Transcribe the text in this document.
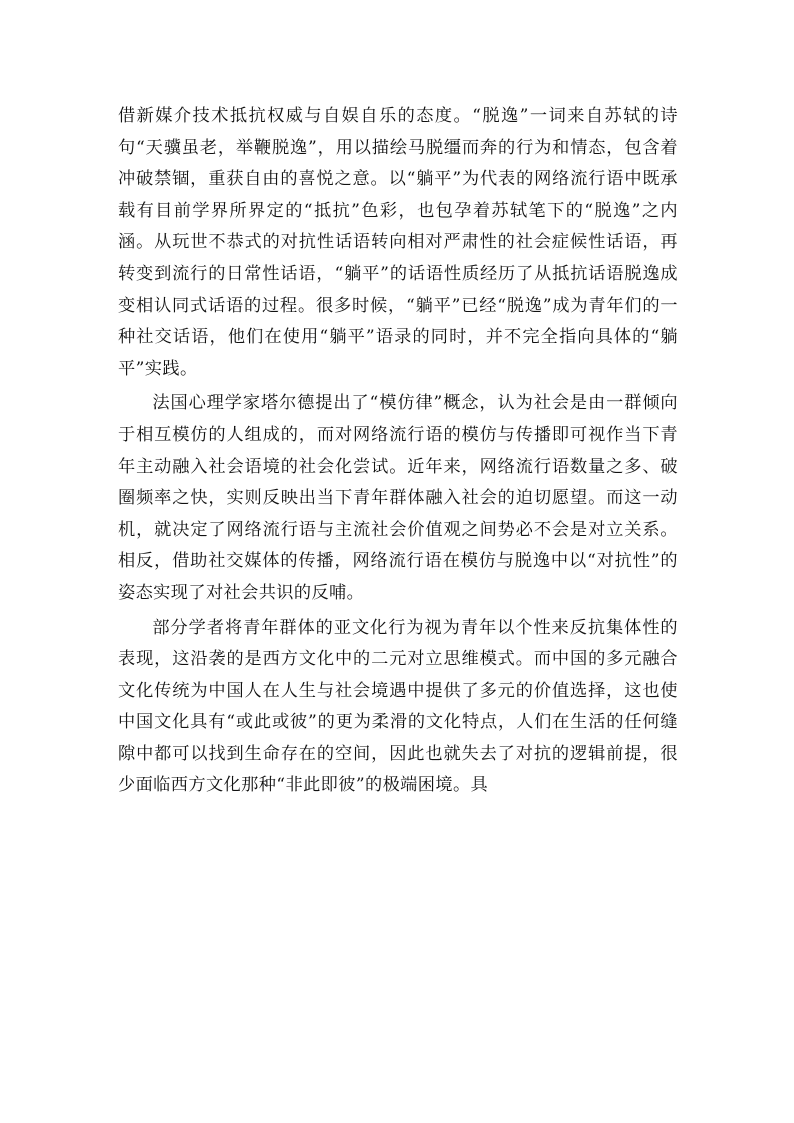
借新媒介技术抵抗权威与自娱自乐的态度。“脱逸”一词来自苏轼的诗句“天骥虽老，举鞭脱逸”，用以描绘马脱缰而奔的行为和情态，包含着冲破禁锢，重获自由的喜悦之意。以“躺平”为代表的网络流行语中既承载有目前学界所界定的“抵抗”色彩，也包孕着苏轼笔下的“脱逸”之内涵。从玩世不恭式的对抗性话语转向相对严肃性的社会症候性话语，再转变到流行的日常性话语，“躺平”的话语性质经历了从抵抗话语脱逸成变相认同式话语的过程。很多时候，“躺平”已经“脱逸”成为青年们的一种社交话语，他们在使用“躺平”语录的同时，并不完全指向具体的“躺平”实践。

法国心理学家塔尔德提出了“模仿律”概念，认为社会是由一群倾向于相互模仿的人组成的，而对网络流行语的模仿与传播即可视作当下青年主动融入社会语境的社会化尝试。近年来，网络流行语数量之多、破圈频率之快，实则反映出当下青年群体融入社会的迫切愿望。而这一动机，就决定了网络流行语与主流社会价值观之间势必不会是对立关系。相反，借助社交媒体的传播，网络流行语在模仿与脱逸中以“对抗性”的姿态实现了对社会共识的反哺。

部分学者将青年群体的亚文化行为视为青年以个性来反抗集体性的表现，这沿袭的是西方文化中的二元对立思维模式。而中国的多元融合文化传统为中国人在人生与社会境遇中提供了多元的价值选择，这也使中国文化具有“或此或彼”的更为柔滑的文化特点，人们在生活的任何缝隙中都可以找到生命存在的空间，因此也就失去了对抗的逻辑前提，很少面临西方文化那种“非此即彼”的极端困境。具
